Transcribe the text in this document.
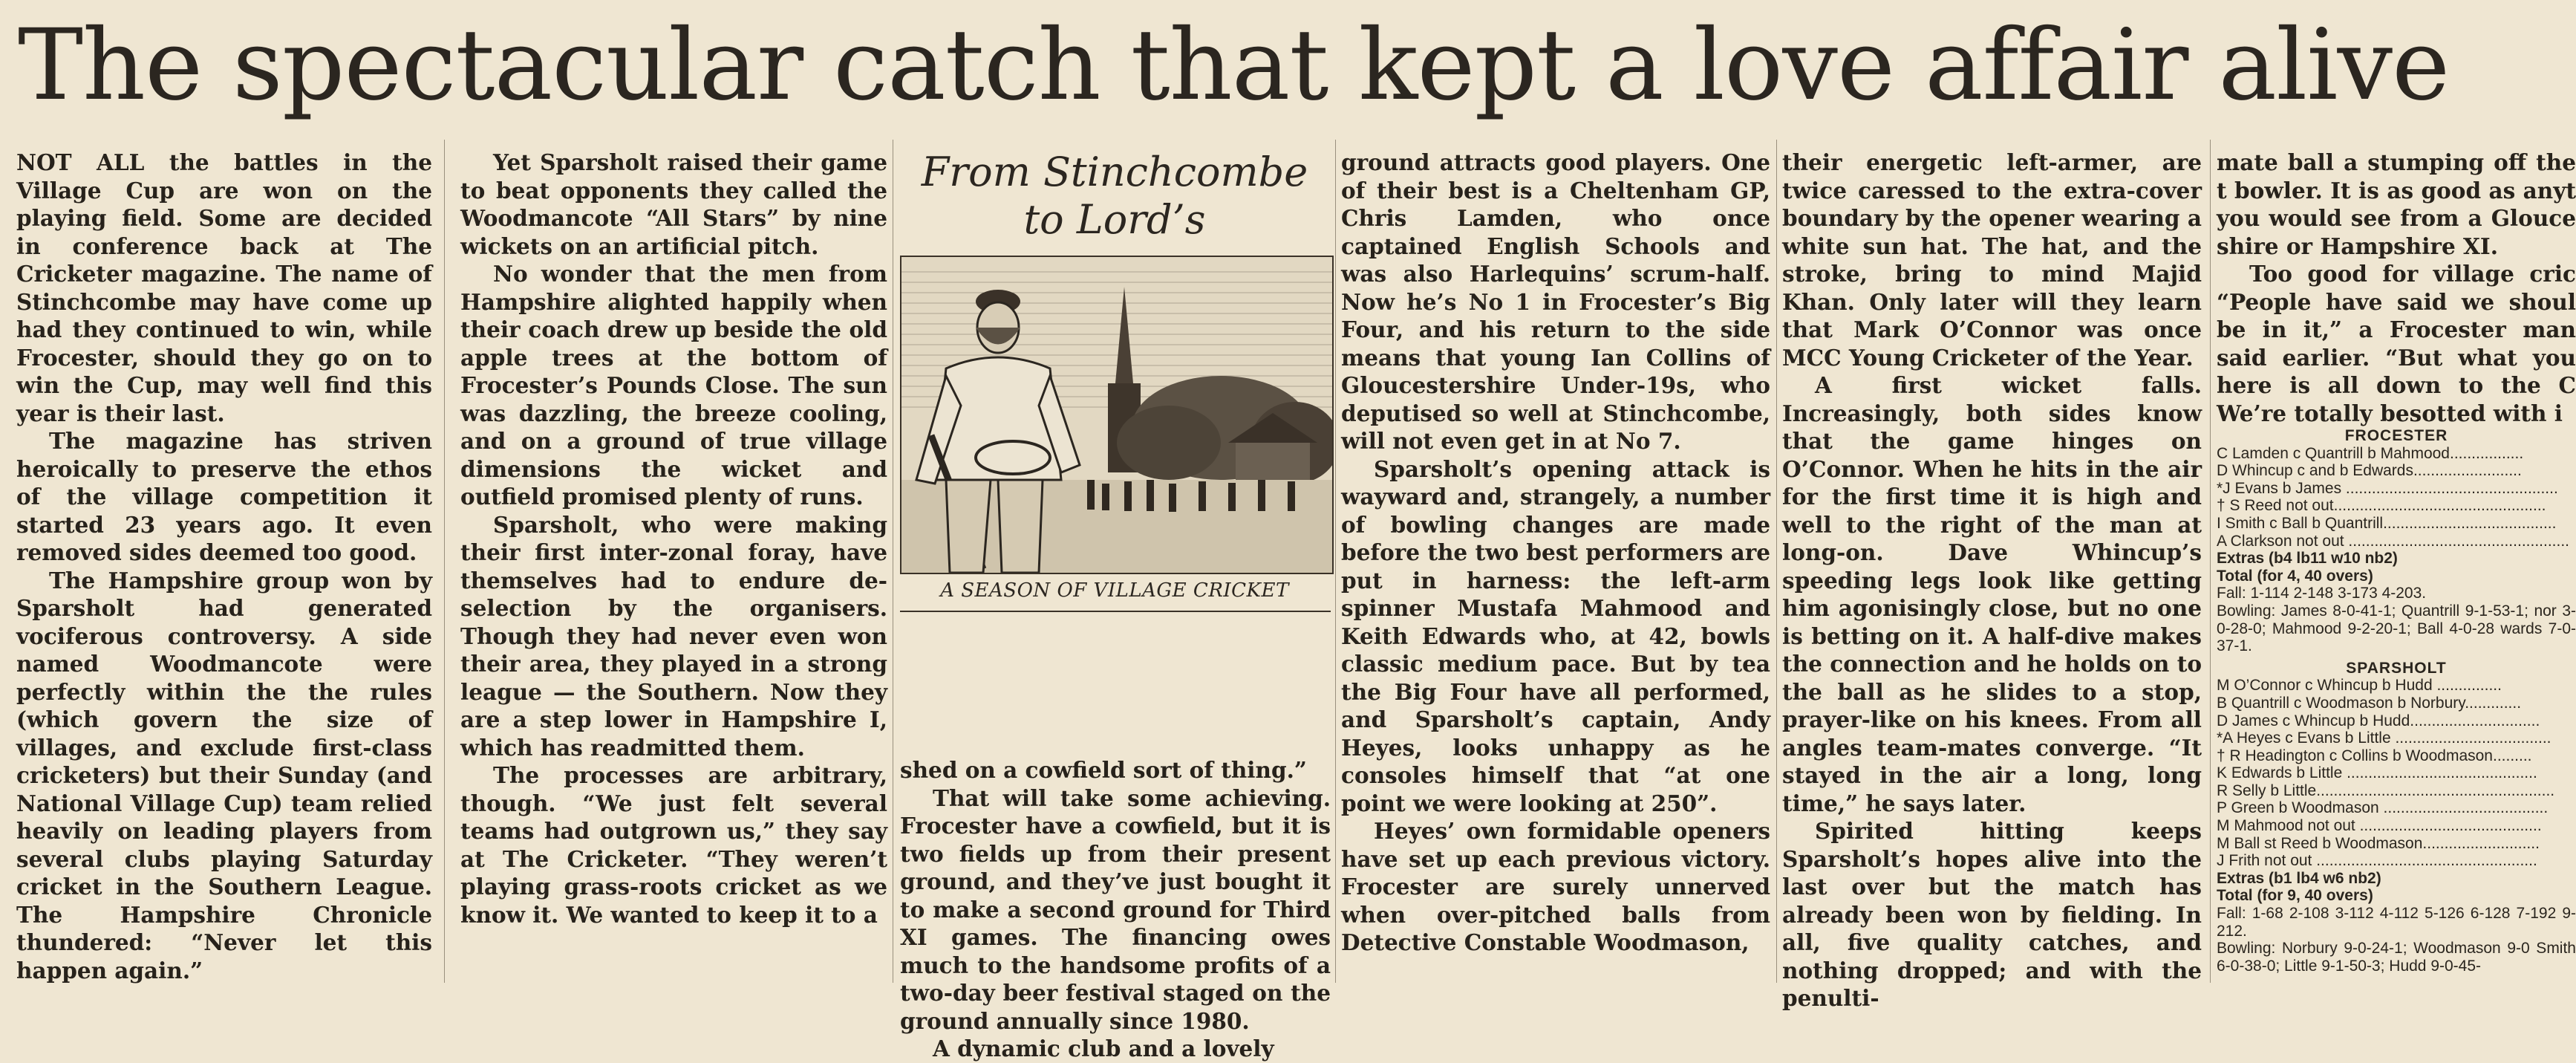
The spectacular catch that kept a love affair alive

NOT ALL the battles in the Village Cup are won on the playing field. Some are decided in conference back at The Cricketer magazine. The name of Stinchcombe may have come up had they continued to win, while Frocester, should they go on to win the Cup, may well find this year is their last.

The magazine has striven heroically to preserve the ethos of the village competition it started 23 years ago. It even removed sides deemed too good.

The Hampshire group won by Sparsholt had generated vociferous controversy. A side named Woodmancote were perfectly within the the rules (which govern the size of villages, and exclude first-class cricketers) but their Sunday (and National Village Cup) team relied heavily on leading players from several clubs playing Saturday cricket in the Southern League. The Hampshire Chronicle thundered: “Never let this happen again.”

Yet Sparsholt raised their game to beat opponents they called the Woodmancote “All Stars” by nine wickets on an artificial pitch.

No wonder that the men from Hampshire alighted happily when their coach drew up beside the old apple trees at the bottom of Frocester’s Pounds Close. The sun was dazzling, the breeze cooling, and on a ground of true village dimensions the wicket and outfield promised plenty of runs.

Sparsholt, who were making their first inter-zonal foray, have themselves had to endure de-selection by the organisers. Though they had never even won their area, they played in a strong league — the Southern. Now they are a step lower in Hampshire I, which has readmitted them.

The processes are arbitrary, though. “We just felt several teams had outgrown us,” they say at The Cricketer. “They weren’t playing grass-roots cricket as we know it. We wanted to keep it to a

From Stinchcombe
to Lord’s
A SEASON OF VILLAGE CRICKET

shed on a cowfield sort of thing.”

That will take some achieving. Frocester have a cowfield, but it is two fields up from their present ground, and they’ve just bought it to make a second ground for Third XI games. The financing owes much to the handsome profits of a two-day beer festival staged on the ground annually since 1980.

A dynamic club and a lovely

ground attracts good players. One of their best is a Cheltenham GP, Chris Lamden, who once captained English Schools and was also Harlequins’ scrum-half. Now he’s No 1 in Frocester’s Big Four, and his return to the side means that young Ian Collins of Gloucestershire Under-19s, who deputised so well at Stinchcombe, will not even get in at No 7.

Sparsholt’s opening attack is wayward and, strangely, a number of bowling changes are made before the two best performers are put in harness: the left-arm spinner Mustafa Mahmood and Keith Edwards who, at 42, bowls classic medium pace. But by tea the Big Four have all performed, and Sparsholt’s captain, Andy Heyes, looks unhappy as he consoles himself that “at one point we were looking at 250”.

Heyes’ own formidable openers have set up each previous victory. Frocester are surely unnerved when over-pitched balls from Detective Constable Woodmason,

their energetic left-armer, are twice caressed to the extra-cover boundary by the opener wearing a white sun hat. The hat, and the stroke, bring to mind Majid Khan. Only later will they learn that Mark O’Connor was once MCC Young Cricketer of the Year.

A first wicket falls. Increasingly, both sides know that the game hinges on O’Connor. When he hits in the air for the first time it is high and well to the right of the man at long-on. Dave Whincup’s speeding legs look like getting him agonisingly close, but no one is betting on it. A half-dive makes the connection and he holds on to the ball as he slides to a stop, prayer-like on his knees. From all angles team-mates converge. “It stayed in the air a long, long time,” he says later.

Spirited hitting keeps Sparsholt’s hopes alive into the last over but the match has already been won by fielding. In all, five quality catches, and nothing dropped; and with the penulti-

mate ball a stumping off the t bowler. It is as good as anyt you would see from a Glouce shire or Hampshire XI.

Too good for village cric “People have said we shoul be in it,” a Frocester man said earlier. “But what you here is all down to the C We’re totally besotted with i

FROCESTER
C Lamden c Quantrill b Mahmood.................
D Whincup c and b Edwards.........................
*J Evans b James .................................................
† S Reed not out.................................................
I Smith c Ball b Quantrill........................................
A Clarkson not out ...................................................
Extras (b4 lb11 w10 nb2)
Total (for 4, 40 overs)
Fall: 1-114 2-148 3-173 4-203.
Bowling: James 8-0-41-1; Quantrill 9-1-53-1; nor 3-0-28-0; Mahmood 9-2-20-1; Ball 4-0-28 wards 7-0-37-1.
SPARSHOLT
M O’Connor c Whincup b Hudd ...............
B Quantrill c Woodmason b Norbury.............
D James c Whincup b Hudd..............................
*A Heyes c Evans b Little ....................................
† R Headington c Collins b Woodmason.........
K Edwards b Little ............................................
R Selly b Little.......................................................
P Green b Woodmason ......................................
M Mahmood not out ..........................................
M Ball st Reed b Woodmason...........................
J Frith not out ...................................................
Extras (b1 lb4 w6 nb2)
Total (for 9, 40 overs)
Fall: 1-68 2-108 3-112 4-112 5-126 6-128 7-192 9-212.
Bowling: Norbury 9-0-24-1; Woodmason 9-0 Smith 6-0-38-0; Little 9-1-50-3; Hudd 9-0-45-
